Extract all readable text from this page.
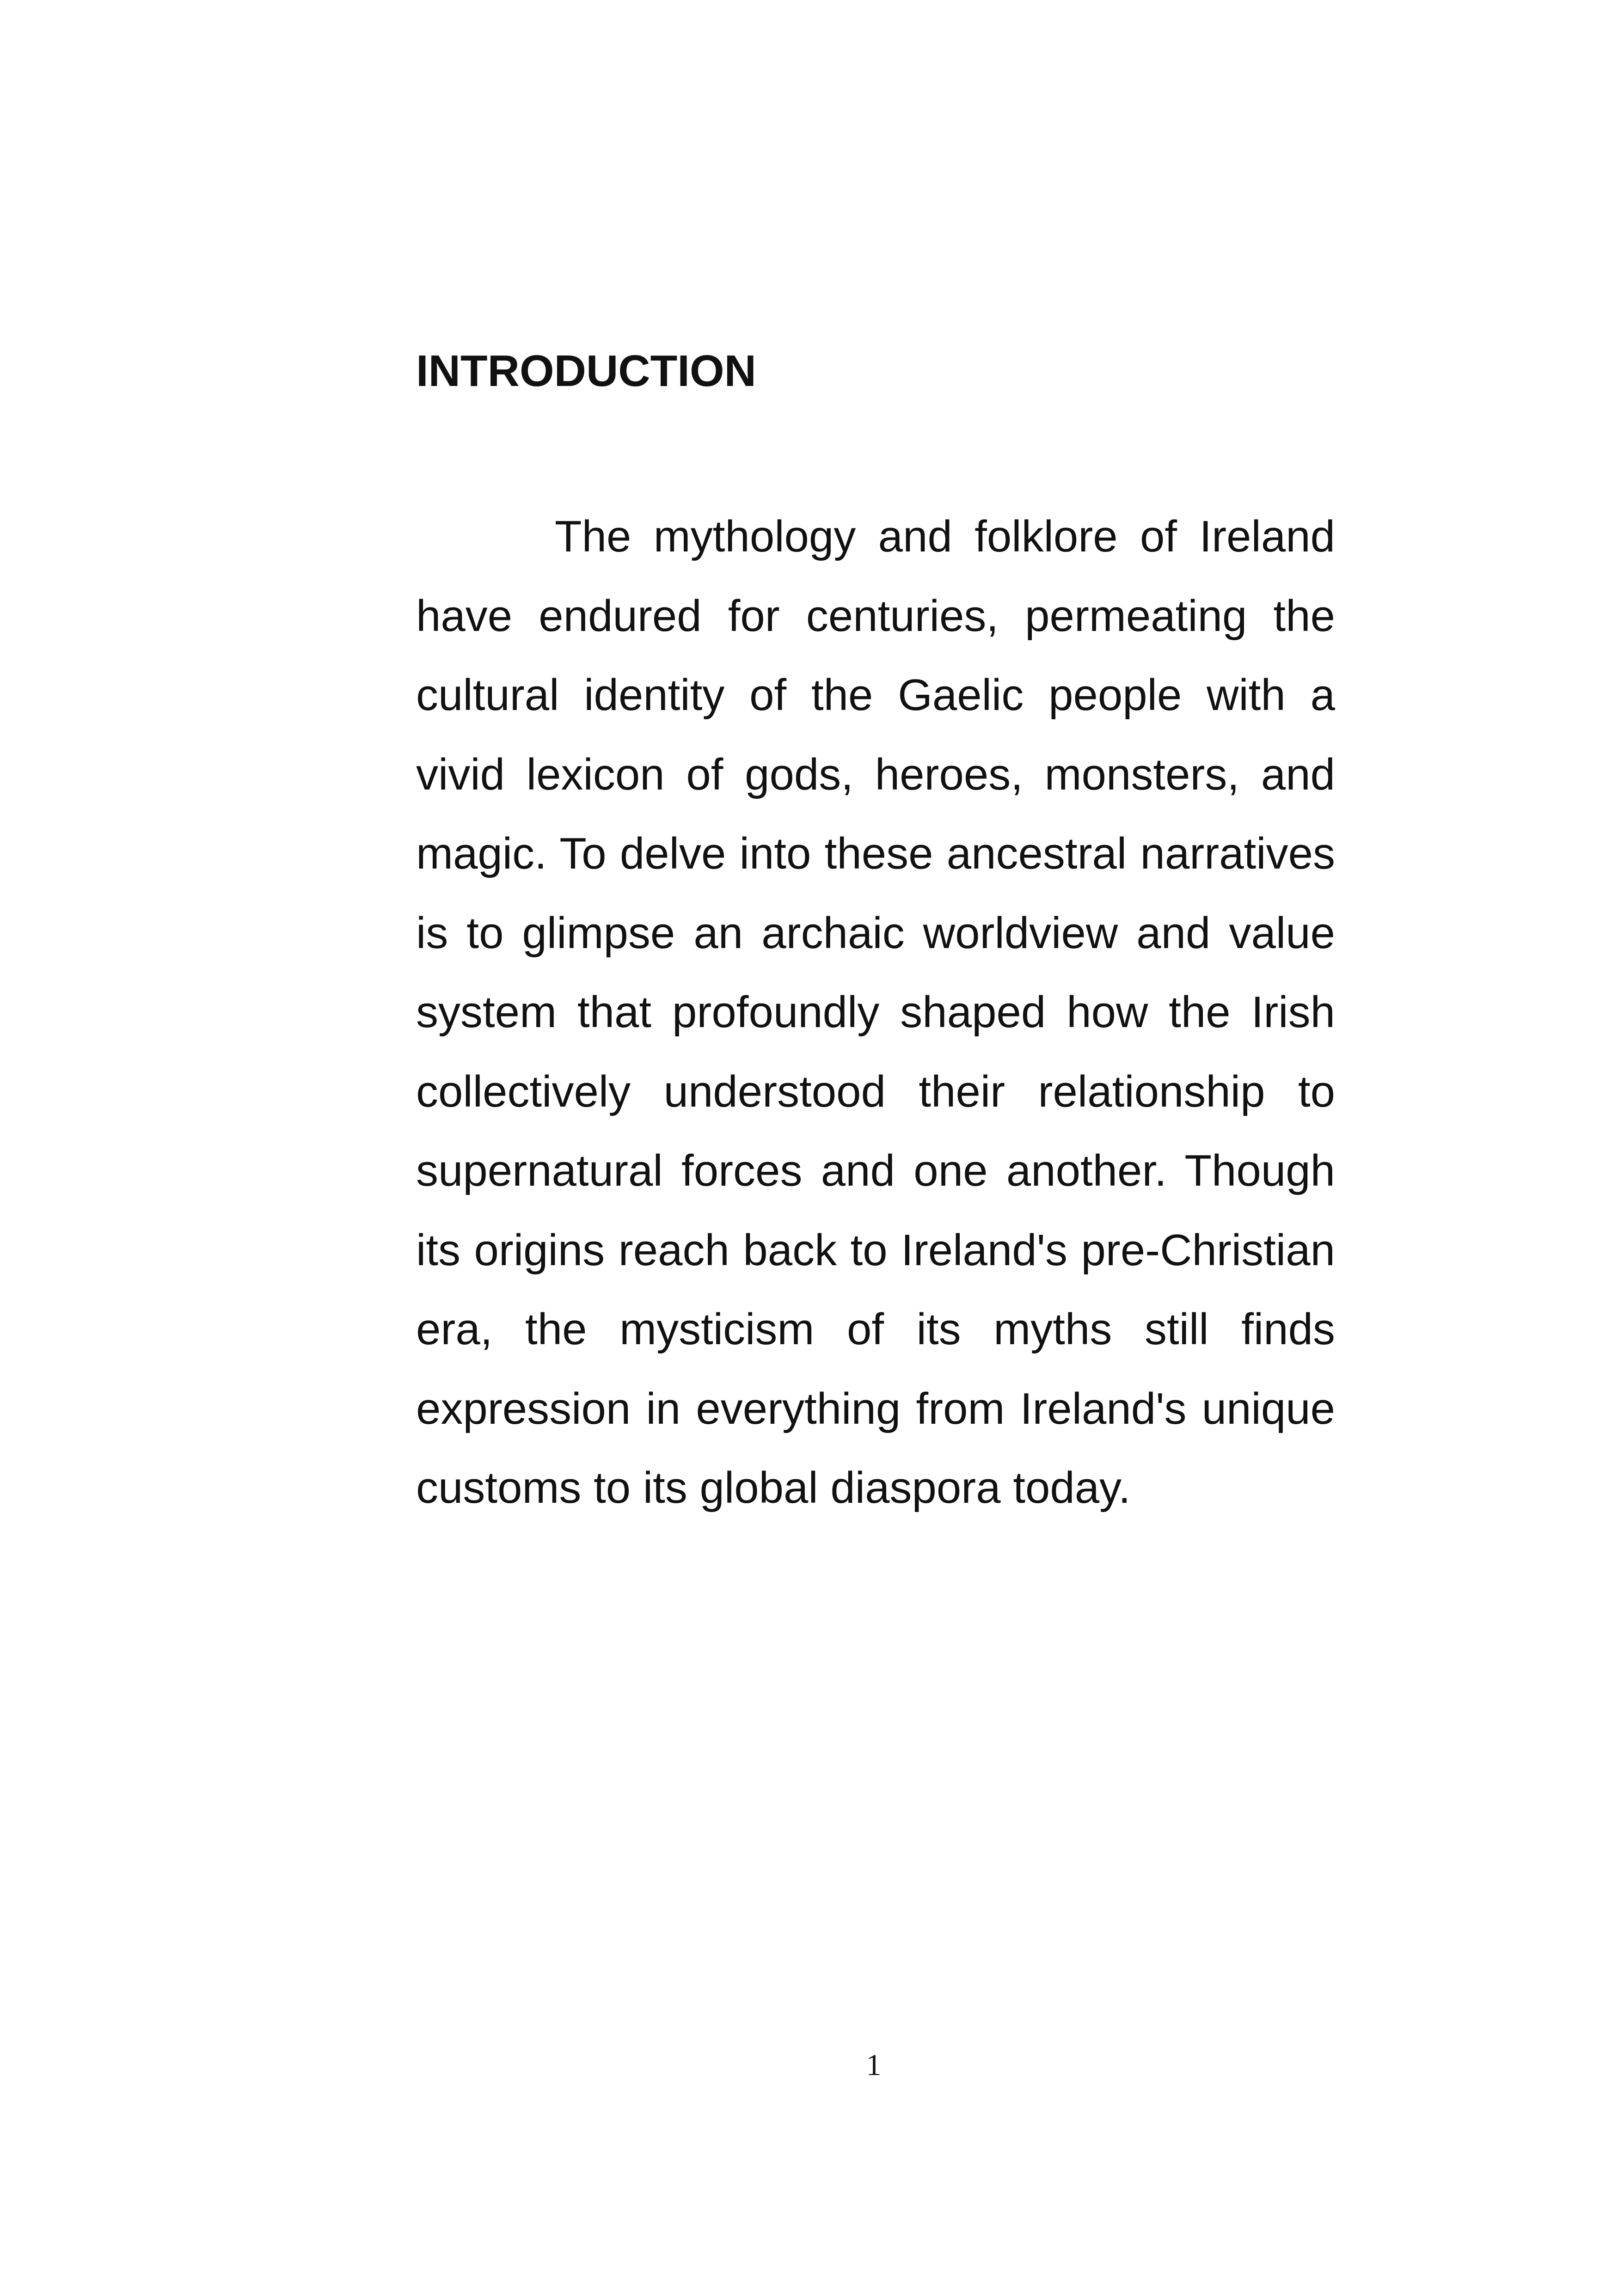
INTRODUCTION

The mythology and folklore of Ireland have endured for centuries, permeating the cultural identity of the Gaelic people with a vivid lexicon of gods, heroes, monsters, and magic. To delve into these ancestral narratives is to glimpse an archaic worldview and value system that profoundly shaped how the Irish collectively understood their relationship to supernatural forces and one another. Though its origins reach back to Ireland's pre-Christian era, the mysticism of its myths still finds expression in everything from Ireland's unique customs to its global diaspora today.

1
